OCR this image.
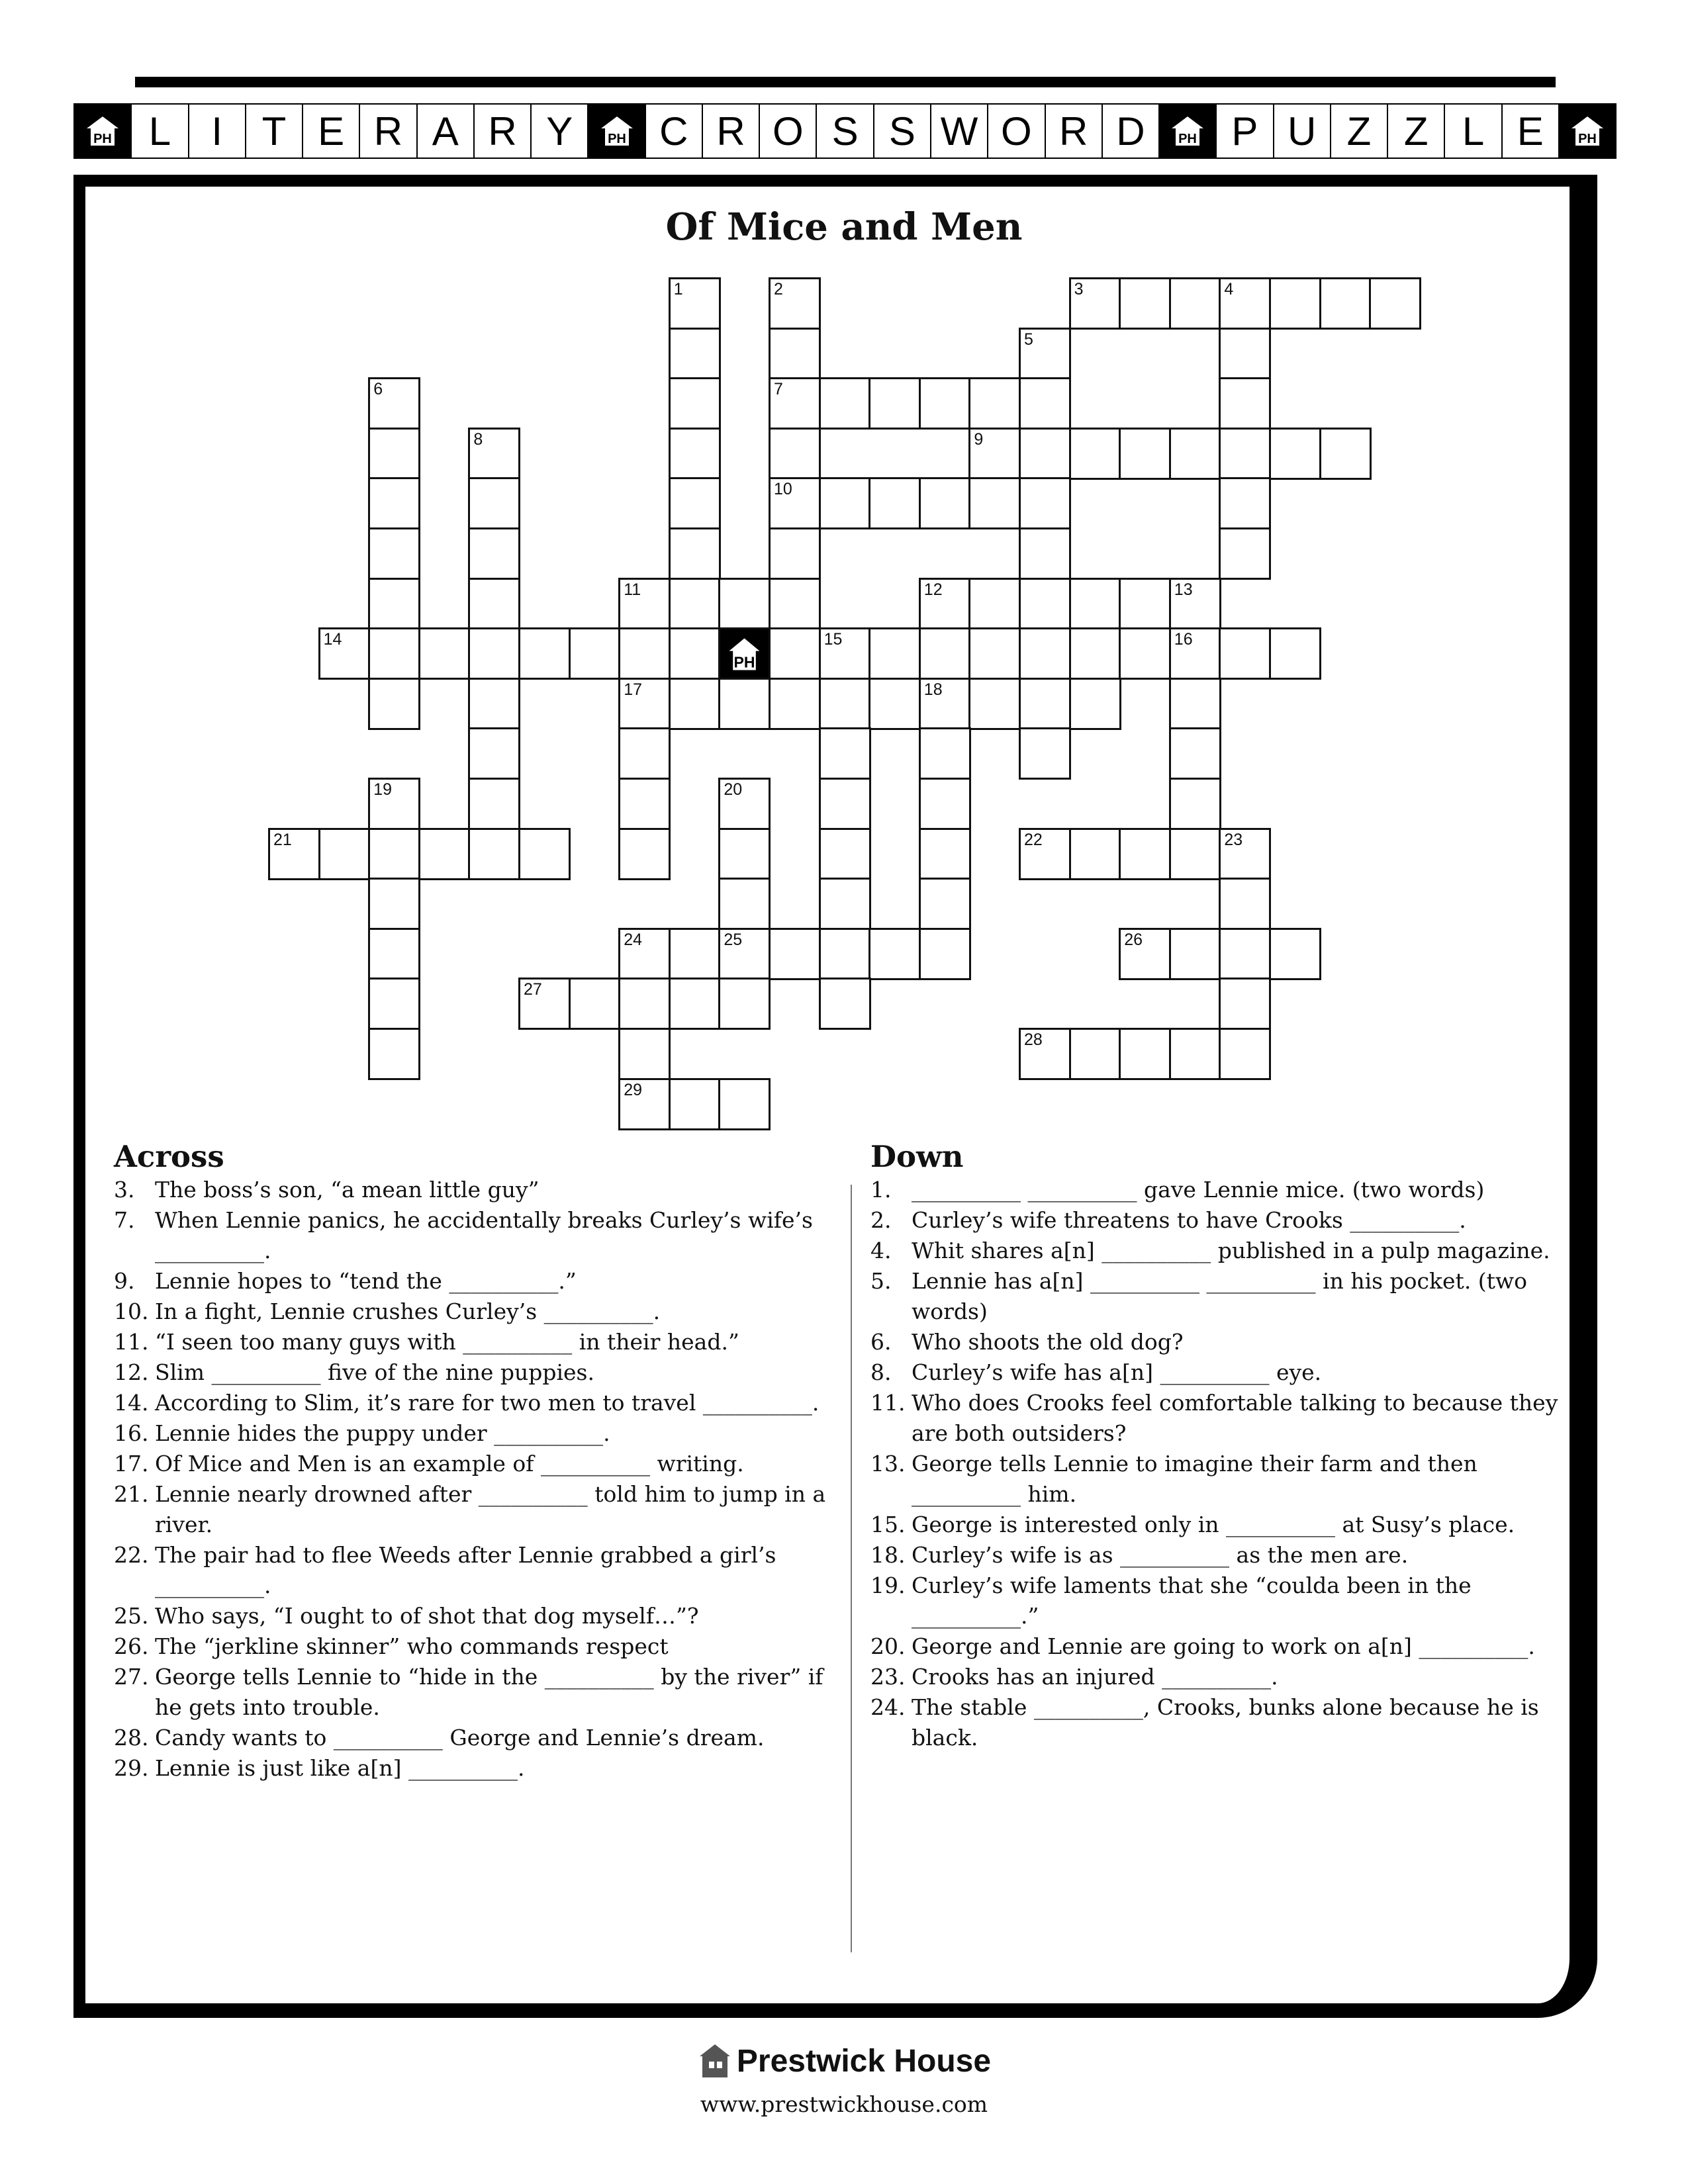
PH L	I T E R A R Y	PH C R O S S W O R D	PH P U Z Z L E	PH
Of Mice and Men
1	2	3	4
5
6	7
8	9
10
11	12	13
14
PH
15	16
17	18
19	20
21	22	23
24	25	26
27
28
29
Across
3. The boss’s son, “a mean little guy”
7. When Lennie panics, he accidentally breaks Curley’s wife’s __________.
9. Lennie hopes to “tend the __________.”
10. In a fight, Lennie crushes Curley’s __________.
11. “I seen too many guys with __________ in their head.”
12. Slim __________ five of the nine puppies.
14. According to Slim, it’s rare for two men to travel __________.
16. Lennie hides the puppy under __________.
17. Of Mice and Men is an example of __________ writing.
21. Lennie nearly drowned after __________ told him to jump in a river.
22. The pair had to flee Weeds after Lennie grabbed a girl’s __________.
25. Who says, “I ought to of shot that dog myself…”?
26. The “jerkline skinner” who commands respect
27. George tells Lennie to “hide in the __________ by the river” if he gets into trouble.
28. Candy wants to __________ George and Lennie’s dream.
29. Lennie is just like a[n] __________.
Down
1. __________ __________ gave Lennie mice. (two words)
2. Curley’s wife threatens to have Crooks __________.
4. Whit shares a[n] __________ published in a pulp magazine.
5. Lennie has a[n] __________ __________ in his pocket. (two words)
6. Who shoots the old dog?
8. Curley’s wife has a[n] __________ eye.
11. Who does Crooks feel comfortable talking to because they are both outsiders?
13. George tells Lennie to imagine their farm and then __________ him.
15. George is interested only in __________ at Susy’s place.
18. Curley’s wife is as __________ as the men are.
19. Curley’s wife laments that she “coulda been in the __________.”
20. George and Lennie are going to work on a[n] __________.
23. Crooks has an injured __________.
24. The stable __________, Crooks, bunks alone because he is black.
Prestwick House
www.prestwickhouse.com
